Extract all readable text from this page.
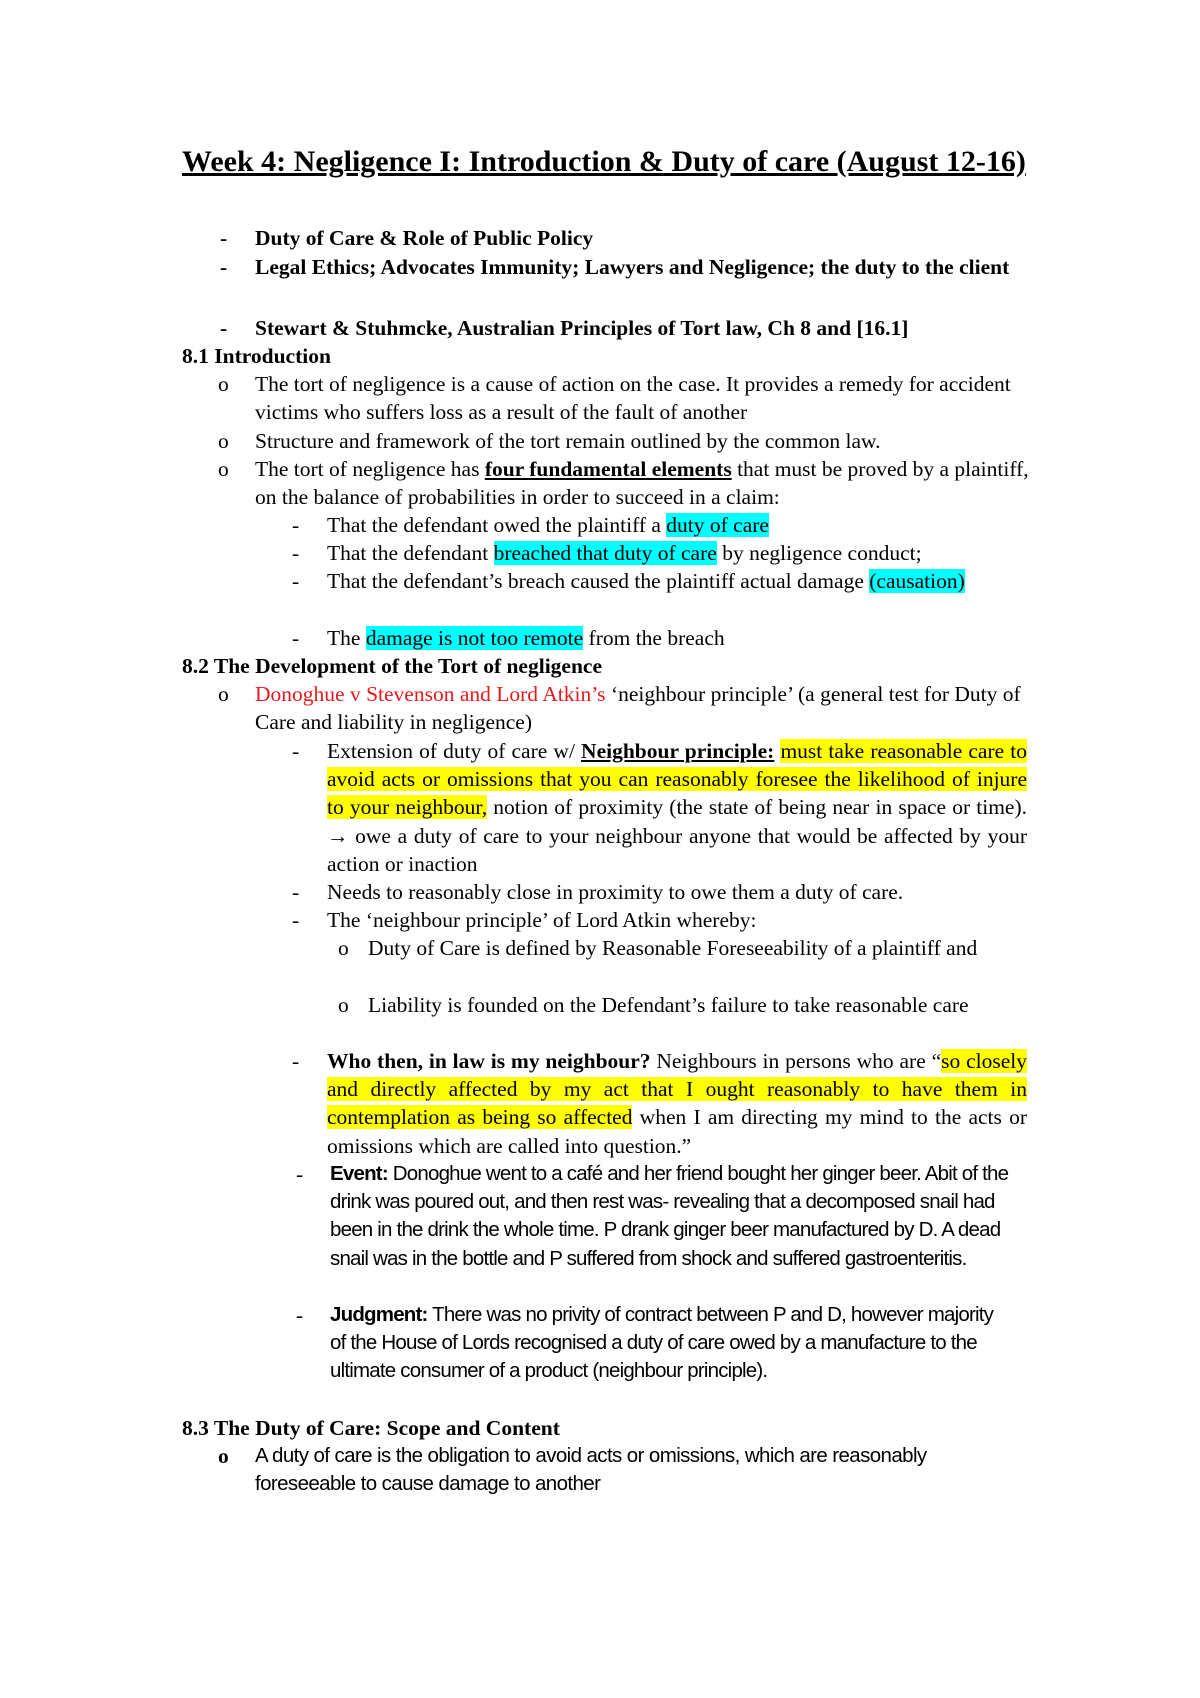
Week 4: Negligence I: Introduction & Duty of care (August 12-16)
- Duty of Care & Role of Public Policy
- Legal Ethics; Advocates Immunity; Lawyers and Negligence; the duty to the client
- Stewart & Stuhmcke, Australian Principles of Tort law, Ch 8 and [16.1]
8.1 Introduction
o The tort of negligence is a cause of action on the case. It provides a remedy for accident victims who suffers loss as a result of the fault of another
o Structure and framework of the tort remain outlined by the common law.
o The tort of negligence has four fundamental elements that must be proved by a plaintiff, on the balance of probabilities in order to succeed in a claim:
- That the defendant owed the plaintiff a duty of care
- That the defendant breached that duty of care by negligence conduct;
- That the defendant’s breach caused the plaintiff actual damage (causation)
- The damage is not too remote from the breach
8.2 The Development of the Tort of negligence
o Donoghue v Stevenson and Lord Atkin’s ‘neighbour principle’ (a general test for Duty of Care and liability in negligence)
- Extension of duty of care w/ Neighbour principle: must take reasonable care to avoid acts or omissions that you can reasonably foresee the likelihood of injure to your neighbour, notion of proximity (the state of being near in space or time). → owe a duty of care to your neighbour anyone that would be affected by your action or inaction
- Needs to reasonably close in proximity to owe them a duty of care.
- The ‘neighbour principle’ of Lord Atkin whereby:
o Duty of Care is defined by Reasonable Foreseeability of a plaintiff and
o Liability is founded on the Defendant’s failure to take reasonable care
- Who then, in law is my neighbour? Neighbours in persons who are “so closely and directly affected by my act that I ought reasonably to have them in contemplation as being so affected when I am directing my mind to the acts or omissions which are called into question.”
- Event: Donoghue went to a café and her friend bought her ginger beer. Abit of the drink was poured out, and then rest was- revealing that a decomposed snail had been in the drink the whole time. P drank ginger beer manufactured by D. A dead snail was in the bottle and P suffered from shock and suffered gastroenteritis.
- Judgment: There was no privity of contract between P and D, however majority of the House of Lords recognised a duty of care owed by a manufacture to the ultimate consumer of a product (neighbour principle).
8.3 The Duty of Care: Scope and Content
o A duty of care is the obligation to avoid acts or omissions, which are reasonably foreseeable to cause damage to another
